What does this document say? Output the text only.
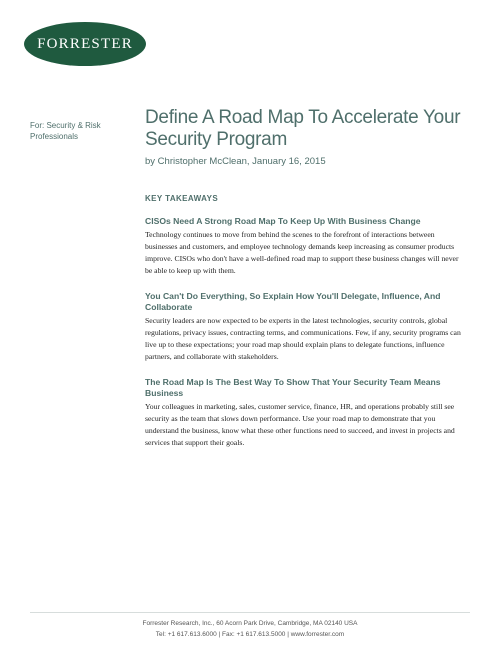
FORRESTER
For: Security & Risk Professionals
Define A Road Map To Accelerate Your Security Program
by Christopher McClean, January 16, 2015
KEY TAKEAWAYS
CISOs Need A Strong Road Map To Keep Up With Business Change

Technology continues to move from behind the scenes to the forefront of interactions between businesses and customers, and employee technology demands keep increasing as consumer products improve. CISOs who don't have a well-defined road map to support these business changes will never be able to keep up with them.

You Can't Do Everything, So Explain How You'll Delegate, Influence, And Collaborate

Security leaders are now expected to be experts in the latest technologies, security controls, global regulations, privacy issues, contracting terms, and communications. Few, if any, security programs can live up to these expectations; your road map should explain plans to delegate functions, influence partners, and collaborate with stakeholders.

The Road Map Is The Best Way To Show That Your Security Team Means Business

Your colleagues in marketing, sales, customer service, finance, HR, and operations probably still see security as the team that slows down performance. Use your road map to demonstrate that you understand the business, know what these other functions need to succeed, and invest in projects and services that support their goals.

Forrester Research, Inc., 60 Acorn Park Drive, Cambridge, MA 02140 USA
Tel: +1 617.613.6000 | Fax: +1 617.613.5000 | www.forrester.com
